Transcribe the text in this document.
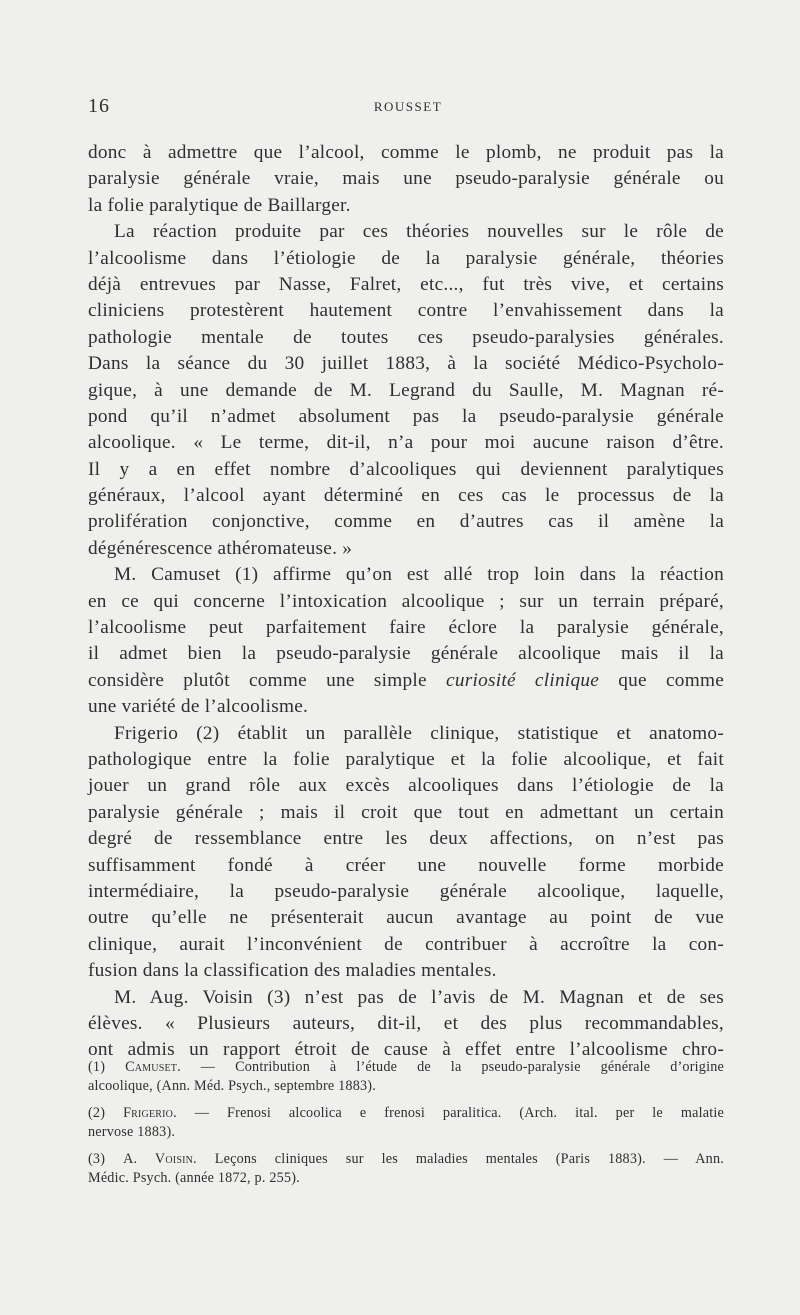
16	ROUSSET
donc à admettre que l’alcool, comme le plomb, ne produit pas la
paralysie générale vraie, mais une pseudo-paralysie générale ou
la folie paralytique de Baillarger.
La réaction produite par ces théories nouvelles sur le rôle de
l’alcoolisme dans l’étiologie de la paralysie générale, théories
déjà entrevues par Nasse, Falret, etc..., fut très vive, et certains
cliniciens protestèrent hautement contre l’envahissement dans la
pathologie mentale de toutes ces pseudo-paralysies générales.
Dans la séance du 30 juillet 1883, à la société Médico-Psycholo-
gique, à une demande de M. Legrand du Saulle, M. Magnan ré-
pond qu’il n’admet absolument pas la pseudo-paralysie générale
alcoolique. « Le terme, dit-il, n’a pour moi aucune raison d’être.
Il y a en effet nombre d’alcooliques qui deviennent paralytiques
généraux, l’alcool ayant déterminé en ces cas le processus de la
prolifération conjonctive, comme en d’autres cas il amène la
dégénérescence athéromateuse. »
M. Camuset (1) affirme qu’on est allé trop loin dans la réaction
en ce qui concerne l’intoxication alcoolique ; sur un terrain préparé,
l’alcoolisme peut parfaitement faire éclore la paralysie générale,
il admet bien la pseudo-paralysie générale alcoolique mais il la
considère plutôt comme une simple curiosité clinique que comme
une variété de l’alcoolisme.
Frigerio (2) établit un parallèle clinique, statistique et anatomo-
pathologique entre la folie paralytique et la folie alcoolique, et fait
jouer un grand rôle aux excès alcooliques dans l’étiologie de la
paralysie générale ; mais il croit que tout en admettant un certain
degré de ressemblance entre les deux affections, on n’est pas
suffisamment fondé à créer une nouvelle forme morbide
intermédiaire, la pseudo-paralysie générale alcoolique, laquelle,
outre qu’elle ne présenterait aucun avantage au point de vue
clinique, aurait l’inconvénient de contribuer à accroître la con-
fusion dans la classification des maladies mentales.
M. Aug. Voisin (3) n’est pas de l’avis de M. Magnan et de ses
élèves. « Plusieurs auteurs, dit-il, et des plus recommandables,
ont admis un rapport étroit de cause à effet entre l’alcoolisme chro-
(1) Camuset. — Contribution à l’étude de la pseudo-paralysie générale d’origine
alcoolique, (Ann. Méd. Psych., septembre 1883).
(2) Frigerio. — Frenosi alcoolica e frenosi paralitica. (Arch. ital. per le malatie
nervose 1883).
(3) A. Voisin. Leçons cliniques sur les maladies mentales (Paris 1883). — Ann.
Médic. Psych. (année 1872, p. 255).
